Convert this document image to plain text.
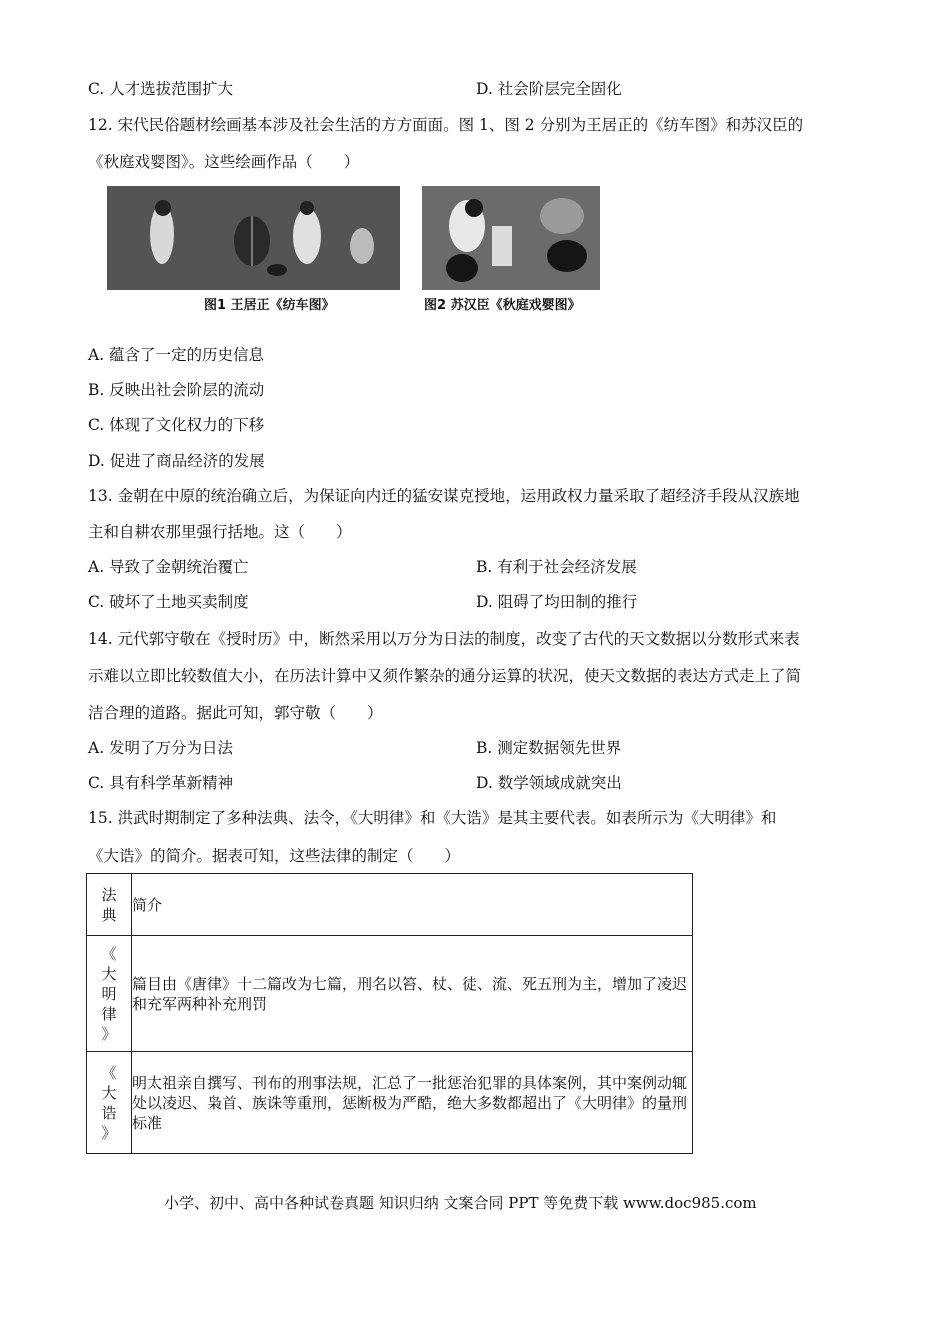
C. 人才选拔范围扩大	D. 社会阶层完全固化
12. 宋代民俗题材绘画基本涉及社会生活的方方面面。图 1、图 2 分别为王居正的《纺车图》和苏汉臣的
《秋庭戏婴图》。这些绘画作品（　　）
图1 王居正《纺车图》	图2 苏汉臣《秋庭戏婴图》
A. 蕴含了一定的历史信息
B. 反映出社会阶层的流动
C. 体现了文化权力的下移
D. 促进了商品经济的发展
13. 金朝在中原的统治确立后，为保证向内迁的猛安谋克授地，运用政权力量采取了超经济手段从汉族地
主和自耕农那里强行括地。这（　　）
A. 导致了金朝统治覆亡	B. 有利于社会经济发展
C. 破坏了土地买卖制度	D. 阻碍了均田制的推行
14. 元代郭守敬在《授时历》中，断然采用以万分为日法的制度，改变了古代的天文数据以分数形式来表
示难以立即比较数值大小，在历法计算中又须作繁杂的通分运算的状况，使天文数据的表达方式走上了简
洁合理的道路。据此可知，郭守敬（　　）
A. 发明了万分为日法	B. 测定数据领先世界
C. 具有科学革新精神	D. 数学领域成就突出
15. 洪武时期制定了多种法典、法令，《大明律》和《大诰》是其主要代表。如表所示为《大明律》和
《大诰》的简介。据表可知，这些法律的制定（　　）
法
典	简介

《
大
明
律
》	篇目由《唐律》十二篇改为七篇，刑名以笞、杖、徒、流、死五刑为主，增加了凌迟和充军两种补充刑罚

《
大
诰
》	明太祖亲自撰写、刊布的刑事法规，汇总了一批惩治犯罪的具体案例，其中案例动辄处以凌迟、枭首、族诛等重刑，惩断极为严酷，绝大多数都超出了《大明律》的量刑标准
小学、初中、高中各种试卷真题 知识归纳 文案合同 PPT 等免费下载 www.doc985.com
